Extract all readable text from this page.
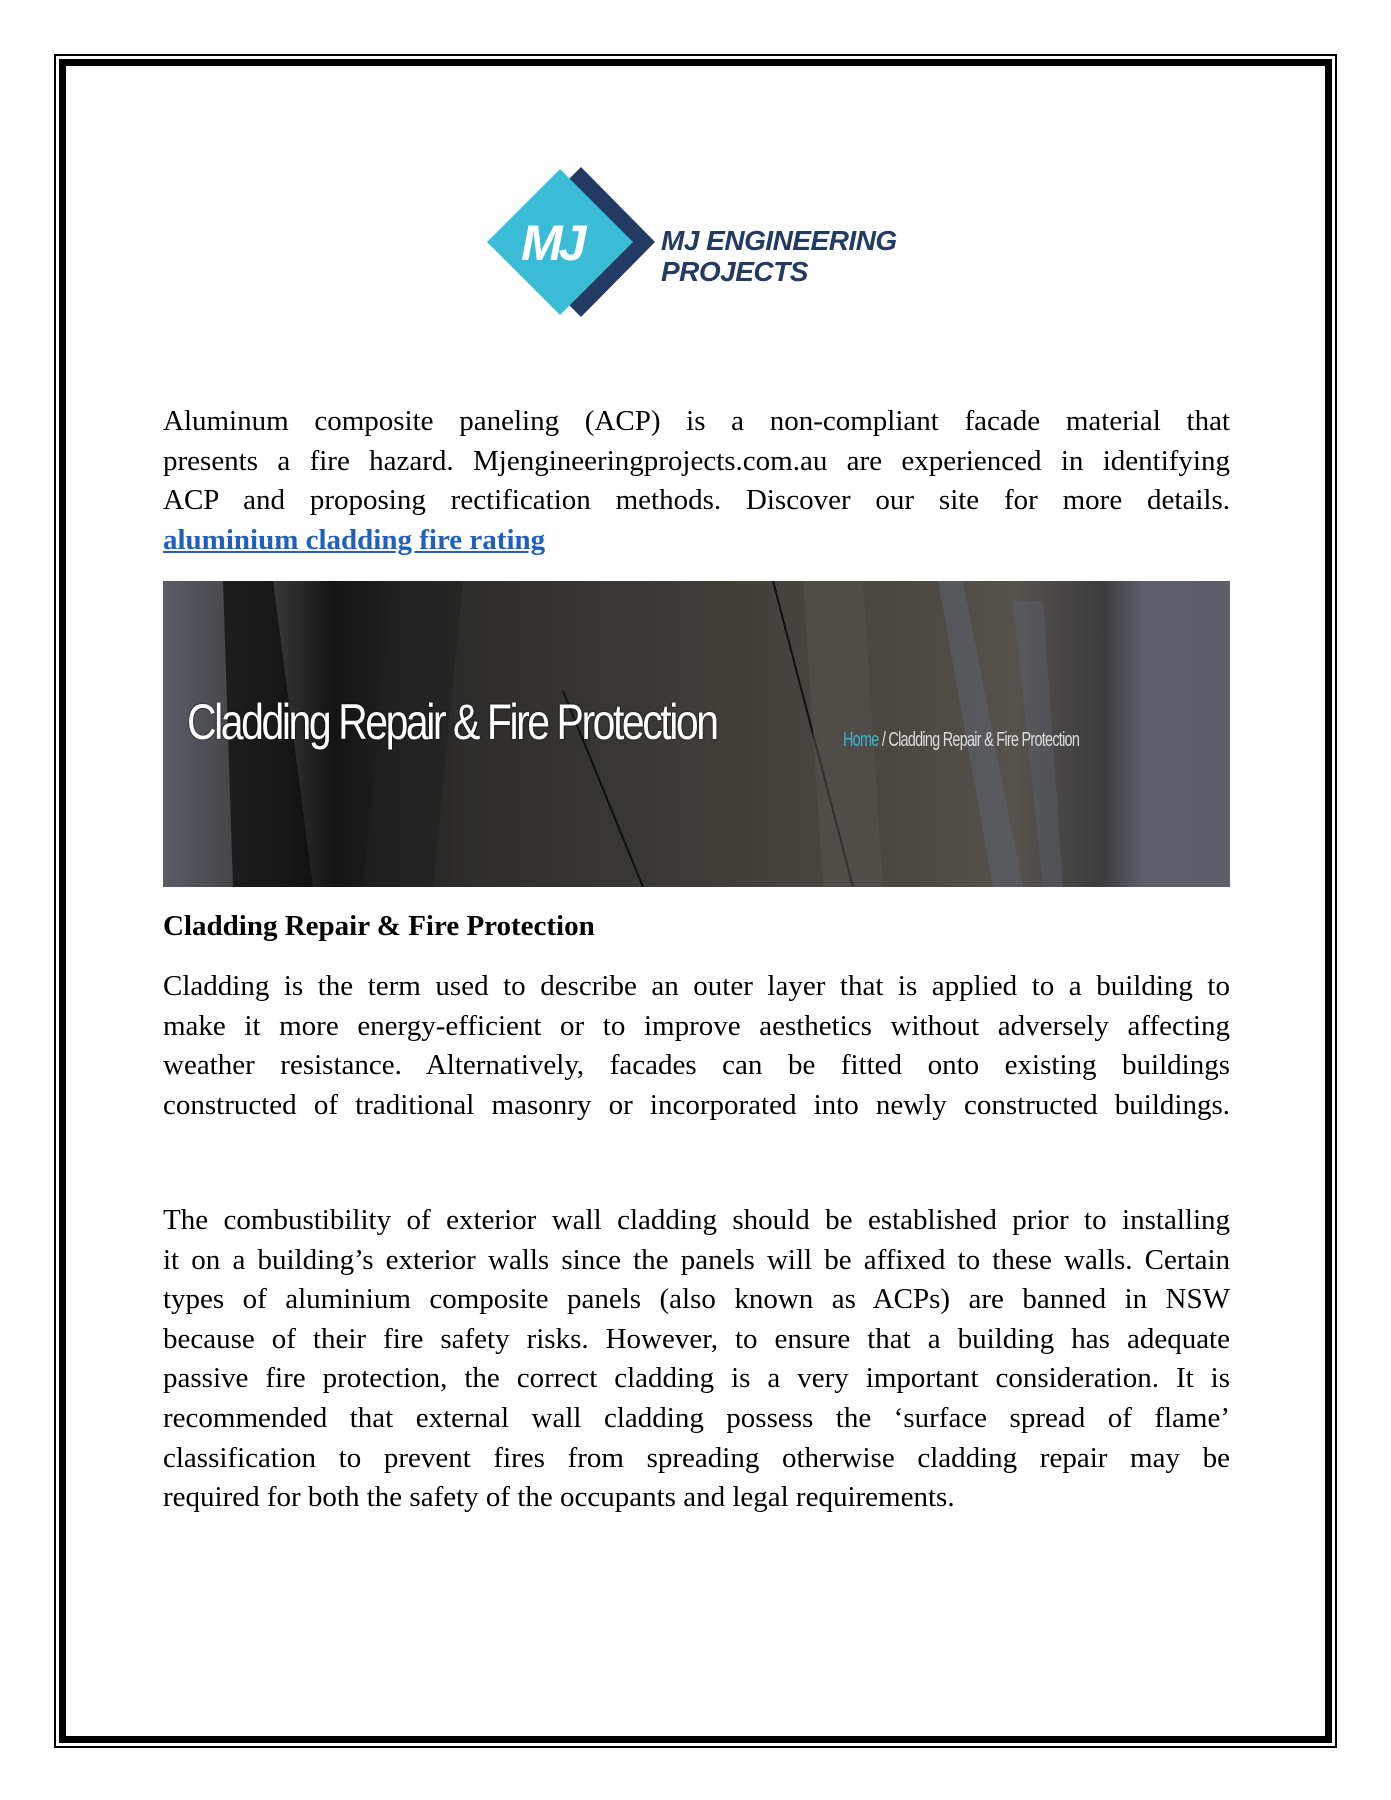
MJ	MJ ENGINEERING
PROJECTS
Aluminum composite paneling (ACP) is a non-compliant facade material that
presents a fire hazard. Mjengineeringprojects.com.au are experienced in identifying
ACP and proposing rectification methods. Discover our site for more details.
aluminium cladding fire rating
Cladding Repair & Fire Protection	Home / Cladding Repair & Fire Protection
Cladding Repair & Fire Protection
Cladding is the term used to describe an outer layer that is applied to a building to
make it more energy-efficient or to improve aesthetics without adversely affecting
weather resistance. Alternatively, facades can be fitted onto existing buildings
constructed of traditional masonry or incorporated into newly constructed buildings.
The combustibility of exterior wall cladding should be established prior to installing
it on a building’s exterior walls since the panels will be affixed to these walls. Certain
types of aluminium composite panels (also known as ACPs) are banned in NSW
because of their fire safety risks. However, to ensure that a building has adequate
passive fire protection, the correct cladding is a very important consideration. It is
recommended that external wall cladding possess the ‘surface spread of flame’
classification to prevent fires from spreading otherwise cladding repair may be
required for both the safety of the occupants and legal requirements.
